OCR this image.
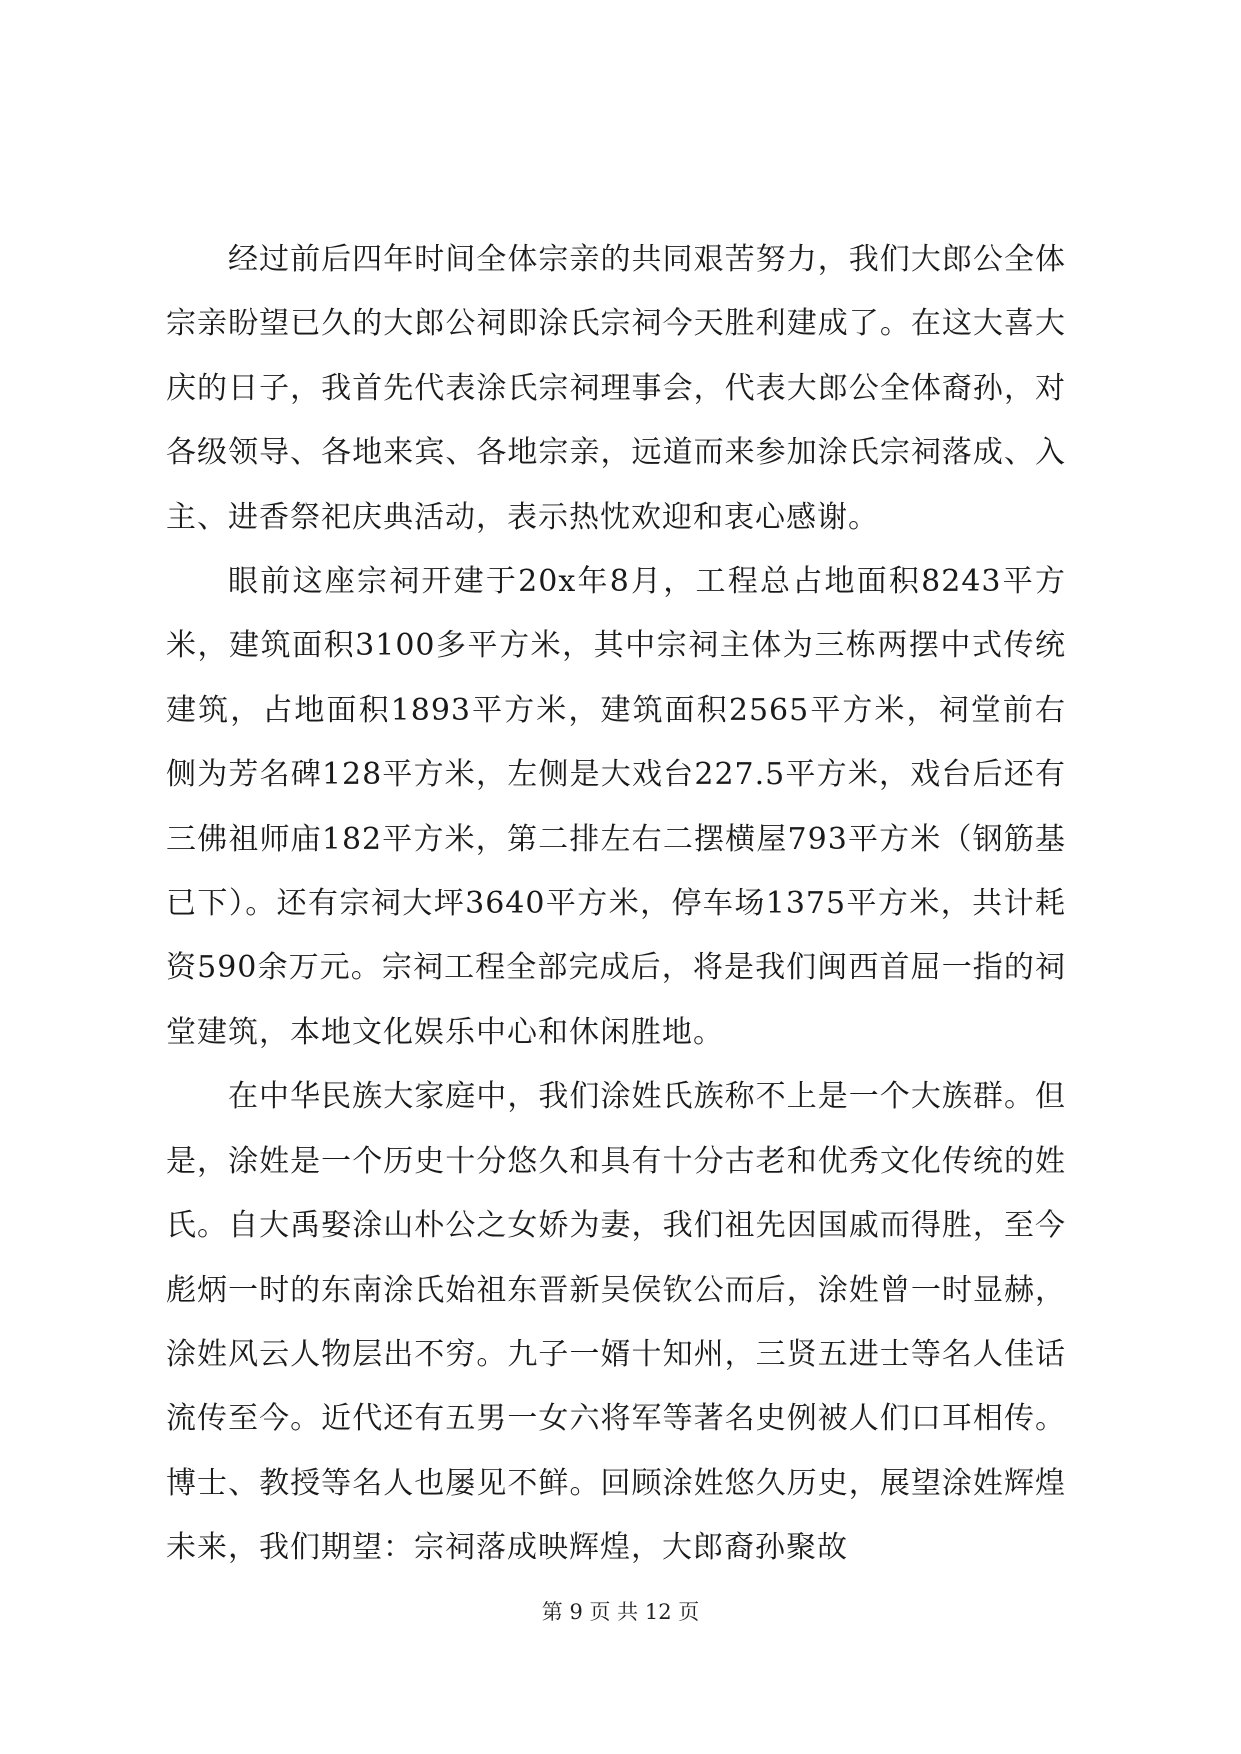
经过前后四年时间全体宗亲的共同艰苦努力，我们大郎公全体宗亲盼望已久的大郎公祠即涂氏宗祠今天胜利建成了。在这大喜大庆的日子，我首先代表涂氏宗祠理事会，代表大郎公全体裔孙，对各级领导、各地来宾、各地宗亲，远道而来参加涂氏宗祠落成、入主、进香祭祀庆典活动，表示热忱欢迎和衷心感谢。

眼前这座宗祠开建于20x年8月，工程总占地面积8243平方米，建筑面积3100多平方米，其中宗祠主体为三栋两摆中式传统建筑，占地面积1893平方米，建筑面积2565平方米，祠堂前右侧为芳名碑128平方米，左侧是大戏台227.5平方米，戏台后还有三佛祖师庙182平方米，第二排左右二摆横屋793平方米（钢筋基已下）。还有宗祠大坪3640平方米，停车场1375平方米，共计耗资590余万元。宗祠工程全部完成后，将是我们闽西首屈一指的祠堂建筑，本地文化娱乐中心和休闲胜地。

在中华民族大家庭中，我们涂姓氏族称不上是一个大族群。但是，涂姓是一个历史十分悠久和具有十分古老和优秀文化传统的姓氏。自大禹娶涂山朴公之女娇为妻，我们祖先因国戚而得胜，至今彪炳一时的东南涂氏始祖东晋新吴侯钦公而后，涂姓曾一时显赫，涂姓风云人物层出不穷。九子一婿十知州，三贤五进士等名人佳话流传至今。近代还有五男一女六将军等著名史例被人们口耳相传。博士、教授等名人也屡见不鲜。回顾涂姓悠久历史，展望涂姓辉煌未来，我们期望：宗祠落成映辉煌，大郎裔孙聚故

第 9 页 共 12 页
